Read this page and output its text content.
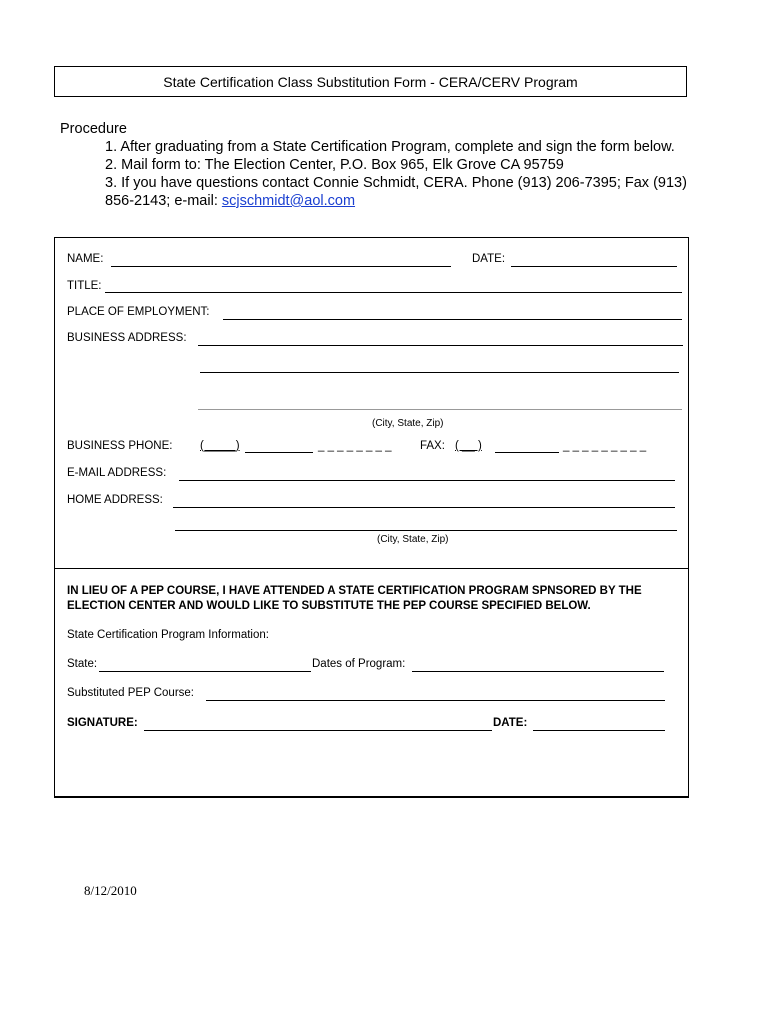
State Certification Class Substitution Form - CERA/CERV Program
Procedure
1. After graduating from a State Certification Program, complete and sign the form below.
2. Mail form to: The Election Center, P.O. Box 965, Elk Grove CA 95759
3. If you have questions contact Connie Schmidt, CERA. Phone (913) 206-7395; Fax (913) 856-2143; e-mail: scjschmidt@aol.com
NAME:	DATE:
TITLE:
PLACE OF EMPLOYMENT:
BUSINESS ADDRESS:
(City, State, Zip)
BUSINESS PHONE: (_____)	_ _ _ _ _ _ _ _ FAX: ( __ )	_ _ _ _ _ _ _ _ _
E-MAIL ADDRESS:
HOME ADDRESS:
(City, State, Zip)
IN LIEU OF A PEP COURSE, I HAVE ATTENDED A STATE CERTIFICATION PROGRAM SPNSORED BY THE ELECTION CENTER AND WOULD LIKE TO SUBSTITUTE THE PEP COURSE SPECIFIED BELOW.
State Certification Program Information:
State:	Dates of Program:
Substituted PEP Course:
SIGNATURE:	DATE:
8/12/2010
